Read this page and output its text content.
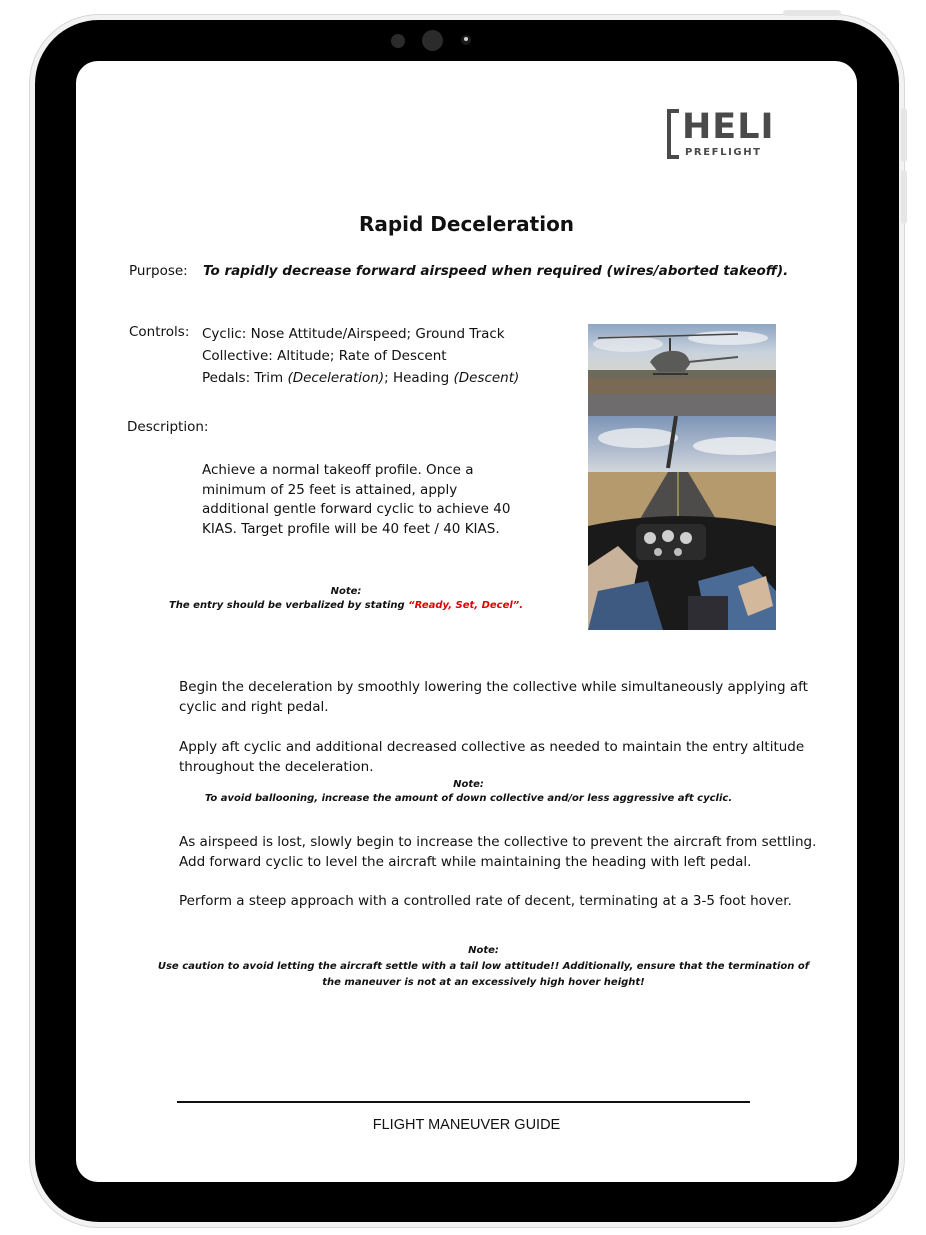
HELI
PREFLIGHT
Rapid Deceleration
Purpose: To rapidly decrease forward airspeed when required (wires/aborted takeoff).
Controls: Cyclic: Nose Attitude/Airspeed; Ground Track
Collective: Altitude; Rate of Descent
Pedals: Trim (Deceleration); Heading (Descent)
Description:
Achieve a normal takeoff profile. Once a minimum of 25 feet is attained, apply additional gentle forward cyclic to achieve 40 KIAS. Target profile will be 40 feet / 40 KIAS.
Note:
The entry should be verbalized by stating “Ready, Set, Decel”.
Begin the deceleration by smoothly lowering the collective while simultaneously applying aft cyclic and right pedal.
Apply aft cyclic and additional decreased collective as needed to maintain the entry altitude throughout the deceleration.
Note:
To avoid ballooning, increase the amount of down collective and/or less aggressive aft cyclic.
As airspeed is lost, slowly begin to increase the collective to prevent the aircraft from settling. Add forward cyclic to level the aircraft while maintaining the heading with left pedal.
Perform a steep approach with a controlled rate of decent, terminating at a 3-5 foot hover.
Note:
Use caution to avoid letting the aircraft settle with a tail low attitude!! Additionally, ensure that the termination of the maneuver is not at an excessively high hover height!
FLIGHT MANEUVER GUIDE
